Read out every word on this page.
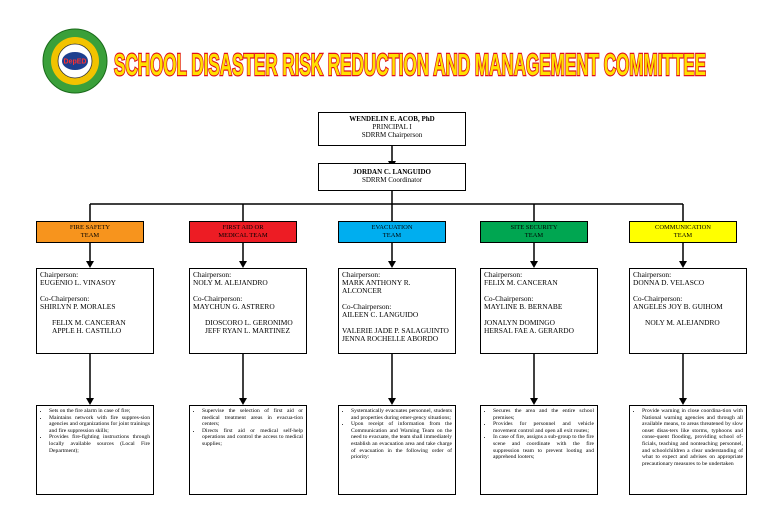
DepED SCHOOL DISASTER RISK REDUCTION AND MANAGEMENT COMMITTEE
WENDELIN E. ACOB, PhD
PRINCIPAL I
SDRRM Chairperson
JORDAN C. LANGUIDO
SDRRM Coordinator
FIRE SAFETY
TEAM
FIRST AID OR
MEDICAL TEAM
EVACUATION
TEAM
SITE SECURITY
TEAM
COMMUNICATION
TEAM
Chairperson:
EUGENIO L. VINASOY
Co-Chairperson:
SHIRLYN P. MORALES
FELIX M. CANCERAN
APPLE H. CASTILLO
Chairperson:
NOLY M. ALEJANDRO
Co-Chairperson:
MAYCHUN G. ASTRERO
DIOSCORO L. GERONIMO
JEFF RYAN L. MARTINEZ
Chairperson:
MARK ANTHONY R.
ALCONCER
Co-Chairperson:
AILEEN C. LANGUIDO
VALERIE JADE P. SALAGUINTO
JENNA ROCHELLE ABORDO
Chairperson:
FELIX M. CANCERAN
Co-Chairperson:
MAYLINE B. BERNABE
JONALYN DOMINGO
HERSAL FAE A. GERARDO
Chairperson:
DONNA D. VELASCO
Co-Chairperson:
ANGELES JOY B. GUIHOM
NOLY M. ALEJANDRO
• Sets on the fire alarm in case of fire;
• Maintains network with fire suppres-sion agencies and organizations for joint trainings and fire suppression skills;
• Provides fire-fighting instructions through locally available sources (Local Fire Department);
• Supervise the selection of first aid or medical treatment areas in evacua-tion centers;
• Directs first aid or medical self-help operations and control the access to medical supplies;
• Systematically evacuates personnel, students and properties during emer-gency situations;
• Upon receipt of information from the Communication and Warning Team on the need to evacuate, the team shall immediately establish an evacuation area and take charge of evacuation in the following order of priority:
• Secures the area and the entire school premises;
• Provides for personnel and vehicle movement control and open all exit routes;
• In case of fire, assigns a sub-group to the fire scene and coordinate with the fire suppression team to prevent looting and apprehend looters;
• Provide warning in close coordina-tion with National warning agencies and through all available means, to areas threatened by slow onset disas-ters like storms, typhoons and conse-quent flooding, providing school of-ficials, teaching and nonteaching personnel, and schoolchildren a clear understanding of what to expect and advises on appropriate precautionary measures to be undertaken
